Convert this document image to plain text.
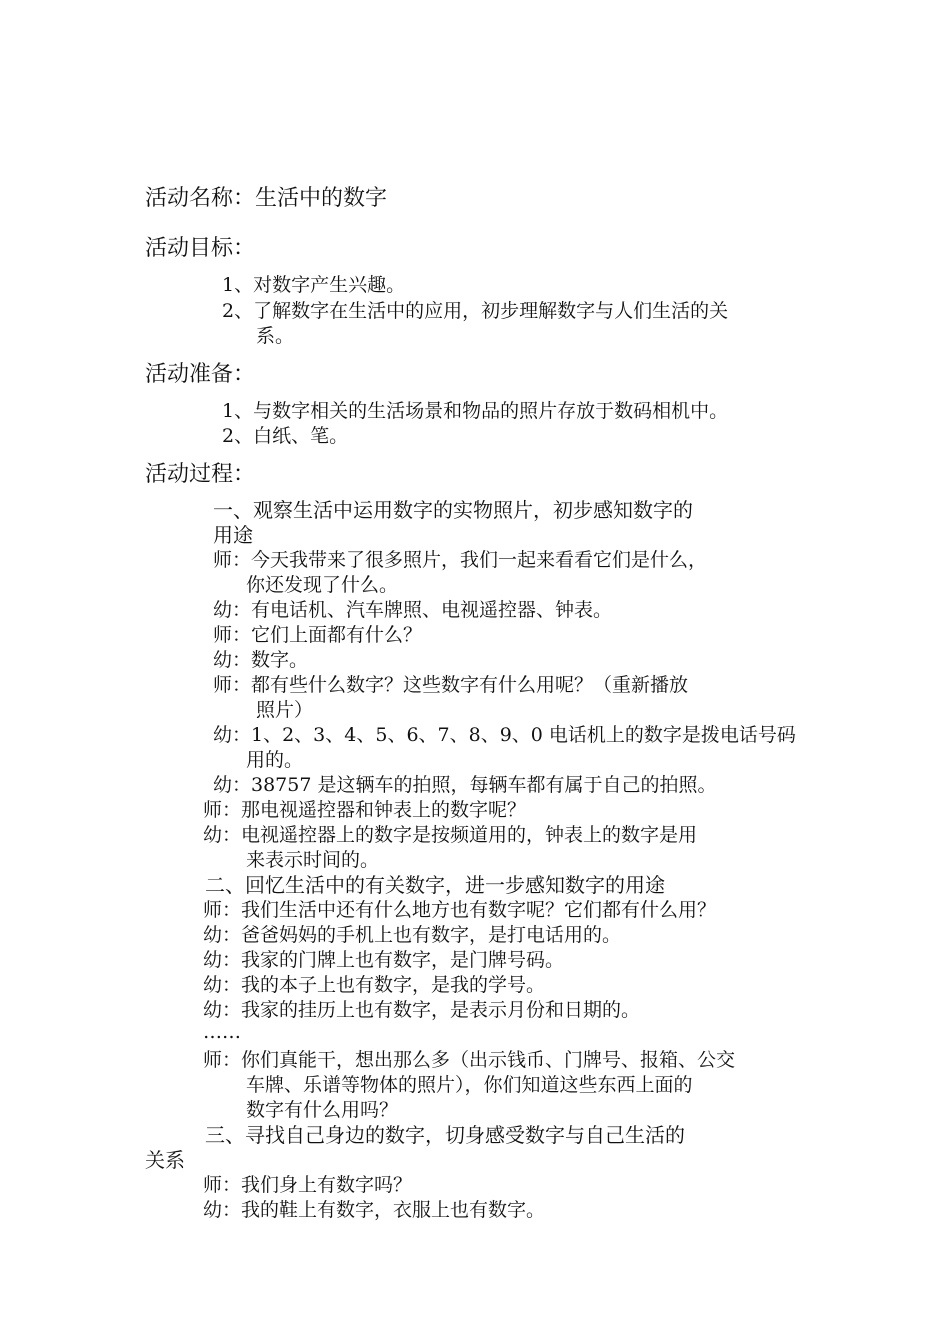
活动名称：生活中的数字
活动目标：
1、对数字产生兴趣。
2、了解数字在生活中的应用，初步理解数字与人们生活的关
系。
活动准备：
1、与数字相关的生活场景和物品的照片存放于数码相机中。
2、白纸、笔。
活动过程：
一、观察生活中运用数字的实物照片，初步感知数字的
用途
师：今天我带来了很多照片，我们一起来看看它们是什么，
你还发现了什么。
幼：有电话机、汽车牌照、电视遥控器、钟表。
师：它们上面都有什么？
幼：数字。
师：都有些什么数字？这些数字有什么用呢？（重新播放
照片）
幼：1、2、3、4、5、6、7、8、9、0 电话机上的数字是拨电话号码
用的。
幼：38757 是这辆车的拍照，每辆车都有属于自己的拍照。
师：那电视遥控器和钟表上的数字呢？
幼：电视遥控器上的数字是按频道用的，钟表上的数字是用
来表示时间的。
二、回忆生活中的有关数字，进一步感知数字的用途
师：我们生活中还有什么地方也有数字呢？它们都有什么用？
幼：爸爸妈妈的手机上也有数字，是打电话用的。
幼：我家的门牌上也有数字，是门牌号码。
幼：我的本子上也有数字，是我的学号。
幼：我家的挂历上也有数字，是表示月份和日期的。
……
师：你们真能干，想出那么多（出示钱币、门牌号、报箱、公交
车牌、乐谱等物体的照片），你们知道这些东西上面的
数字有什么用吗？
三、寻找自己身边的数字，切身感受数字与自己生活的
关系
师：我们身上有数字吗？
幼：我的鞋上有数字，衣服上也有数字。
